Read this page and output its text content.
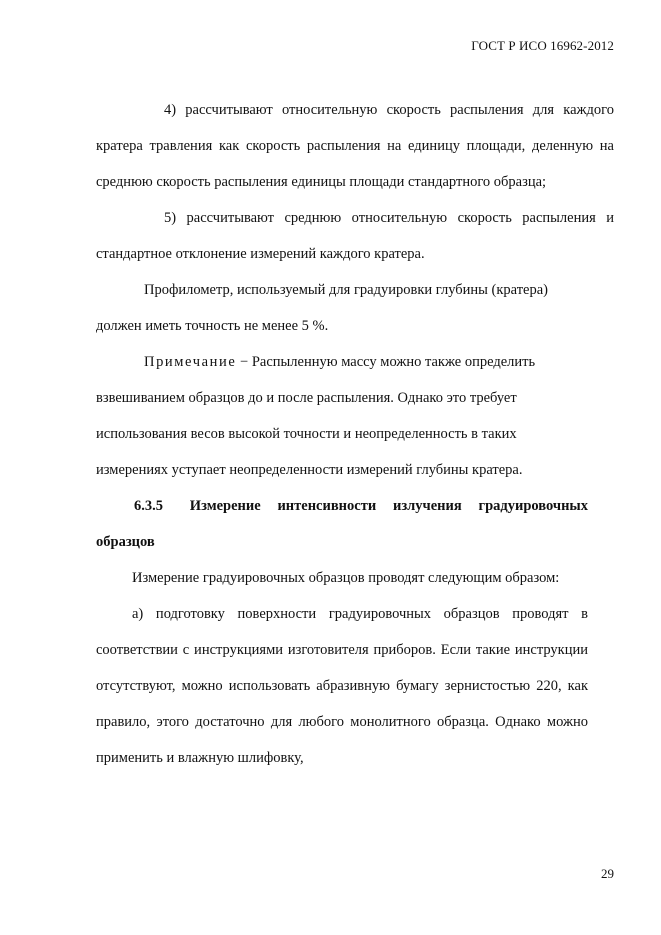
ГОСТ Р ИСО 16962-2012

4) рассчитывают относительную скорость распыления для каждого кратера травления как скорость распыления на единицу площади, деленную на среднюю скорость распыления единицы площади стандартного образца;

5) рассчитывают среднюю относительную скорость распыления и стандартное отклонение измерений каждого кратера.

Профилометр, используемый для градуировки глубины (кратера) должен иметь точность не менее 5 %.

Примечание − Распыленную массу можно также определить взвешиванием образцов до и после распыления. Однако это требует использования весов высокой точности и неопределенность в таких измерениях уступает неопределенности измерений глубины кратера.

6.3.5 Измерение интенсивности излучения градуировочных образцов

Измерение градуировочных образцов проводят следующим образом:

а) подготовку поверхности градуировочных образцов проводят в соответствии с инструкциями изготовителя приборов. Если такие инструкции отсутствуют, можно использовать абразивную бумагу зернистостью 220, как правило, этого достаточно для любого монолитного образца. Однако можно применить и влажную шлифовку,

29
